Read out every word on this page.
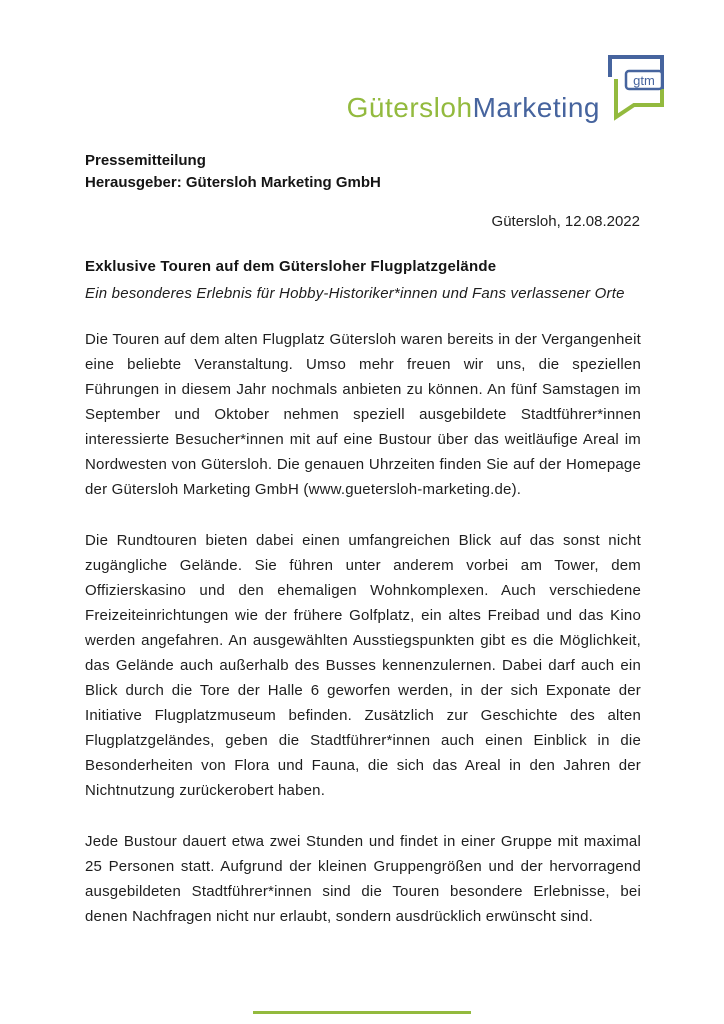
GüterslohMarketing
gtm
Pressemitteilung
Herausgeber: Gütersloh Marketing GmbH
Gütersloh, 12.08.2022
Exklusive Touren auf dem Gütersloher Flugplatzgelände
Ein besonderes Erlebnis für Hobby-Historiker*innen und Fans verlassener Orte

Die Touren auf dem alten Flugplatz Gütersloh waren bereits in der Vergangenheit eine beliebte Veranstaltung. Umso mehr freuen wir uns, die speziellen Führungen in diesem Jahr nochmals anbieten zu können. An fünf Samstagen im September und Oktober nehmen speziell ausgebildete Stadtführer*innen interessierte Besucher*innen mit auf eine Bustour über das weitläufige Areal im Nordwesten von Gütersloh. Die genauen Uhrzeiten finden Sie auf der Homepage der Gütersloh Marketing GmbH (www.guetersloh-marketing.de).

Die Rundtouren bieten dabei einen umfangreichen Blick auf das sonst nicht zugängliche Gelände. Sie führen unter anderem vorbei am Tower, dem Offizierskasino und den ehemaligen Wohnkomplexen. Auch verschiedene Freizeiteinrichtungen wie der frühere Golfplatz, ein altes Freibad und das Kino werden angefahren. An ausgewählten Ausstiegspunkten gibt es die Möglichkeit, das Gelände auch außerhalb des Busses kennenzulernen. Dabei darf auch ein Blick durch die Tore der Halle 6 geworfen werden, in der sich Exponate der Initiative Flugplatzmuseum befinden. Zusätzlich zur Geschichte des alten Flugplatzgeländes, geben die Stadtführer*innen auch einen Einblick in die Besonderheiten von Flora und Fauna, die sich das Areal in den Jahren der Nichtnutzung zurückerobert haben.

Jede Bustour dauert etwa zwei Stunden und findet in einer Gruppe mit maximal 25 Personen statt. Aufgrund der kleinen Gruppengrößen und der hervorragend ausgebildeten Stadtführer*innen sind die Touren besondere Erlebnisse, bei denen Nachfragen nicht nur erlaubt, sondern ausdrücklich erwünscht sind.
